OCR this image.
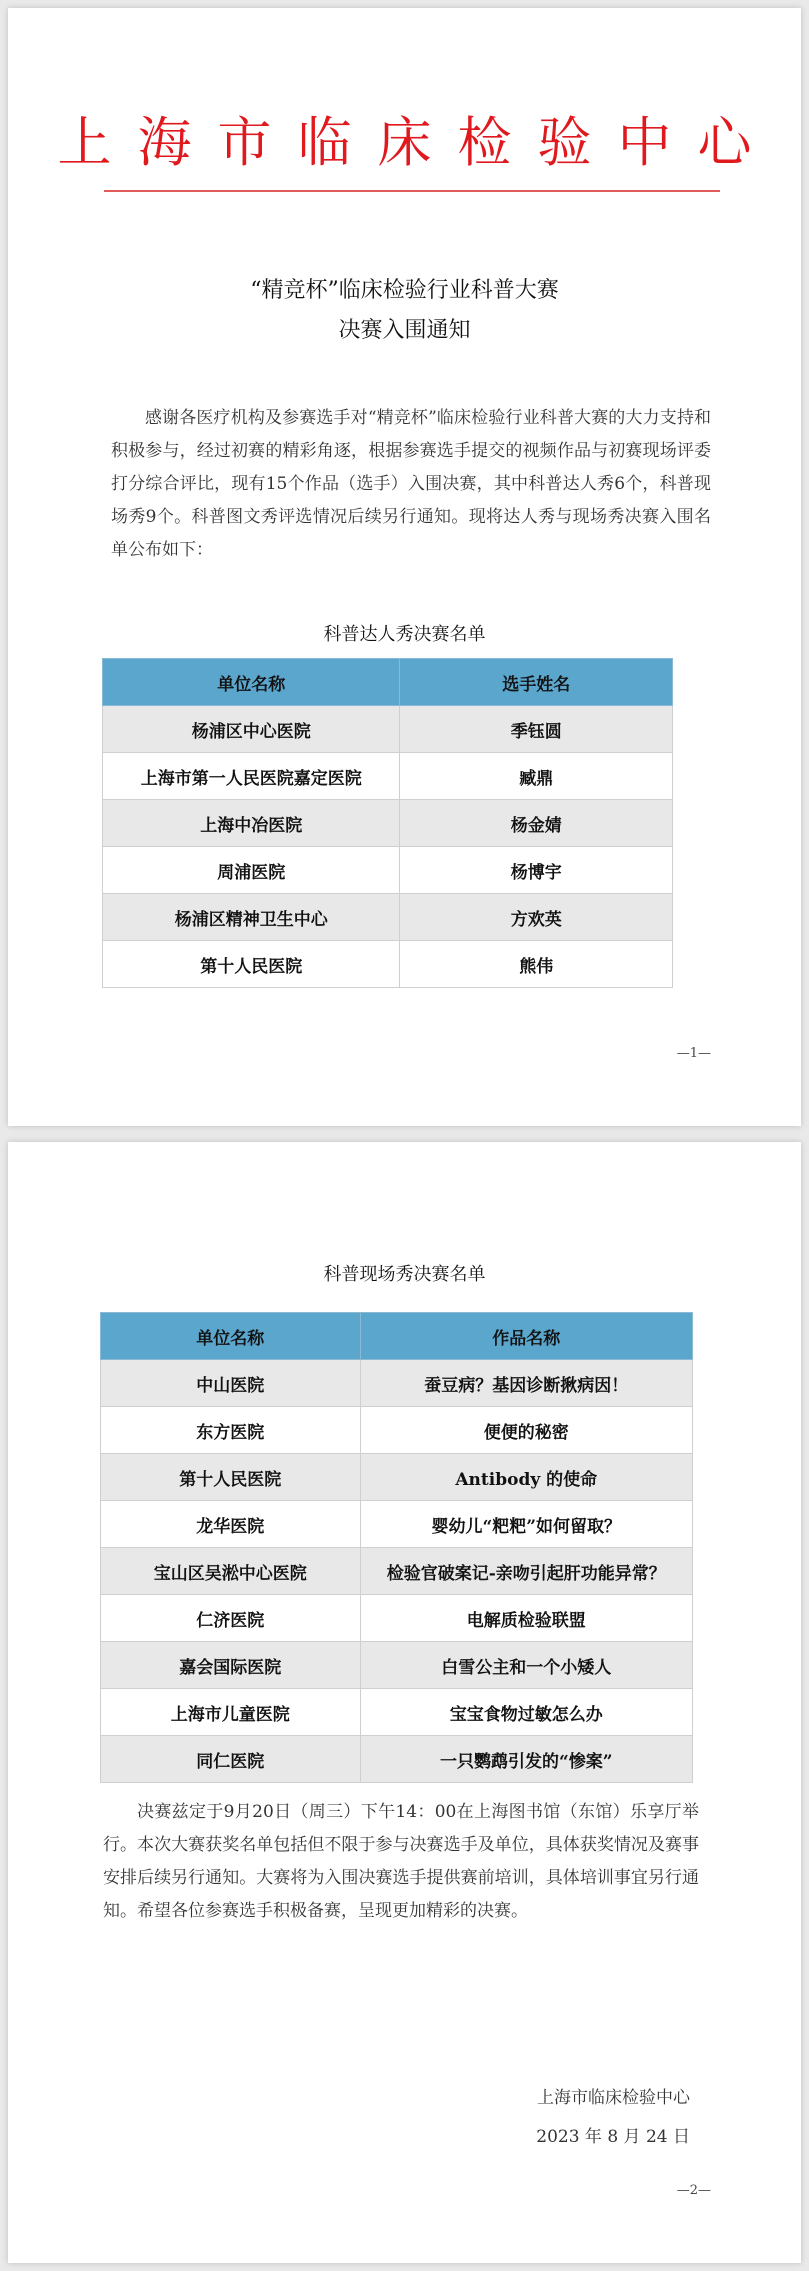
上海市临床检验中心
“精竞杯”临床检验行业科普大赛
决赛入围通知
感谢各医疗机构及参赛选手对“精竞杯”临床检验行业科普大赛的大力支持和积极参与，经过初赛的精彩角逐，根据参赛选手提交的视频作品与初赛现场评委打分综合评比，现有15个作品（选手）入围决赛，其中科普达人秀6个，科普现场秀9个。科普图文秀评选情况后续另行通知。现将达人秀与现场秀决赛入围名单公布如下：
科普达人秀决赛名单
单位名称	选手姓名
杨浦区中心医院	季钰圆
上海市第一人民医院嘉定医院	臧鼎
上海中冶医院	杨金婧
周浦医院	杨博宇
杨浦区精神卫生中心	方欢英
第十人民医院	熊伟
—1—
科普现场秀决赛名单
单位名称	作品名称
中山医院	蚕豆病？基因诊断揪病因！
东方医院	便便的秘密
第十人民医院	Antibody 的使命
龙华医院	婴幼儿“粑粑”如何留取？
宝山区吴淞中心医院	检验官破案记-亲吻引起肝功能异常？
仁济医院	电解质检验联盟
嘉会国际医院	白雪公主和一个小矮人
上海市儿童医院	宝宝食物过敏怎么办
同仁医院	一只鹦鹉引发的“惨案”
决赛兹定于9月20日（周三）下午14：00在上海图书馆（东馆）乐享厅举行。本次大赛获奖名单包括但不限于参与决赛选手及单位，具体获奖情况及赛事安排后续另行通知。大赛将为入围决赛选手提供赛前培训，具体培训事宜另行通知。希望各位参赛选手积极备赛，呈现更加精彩的决赛。
上海市临床检验中心
2023 年 8 月 24 日
—2—
